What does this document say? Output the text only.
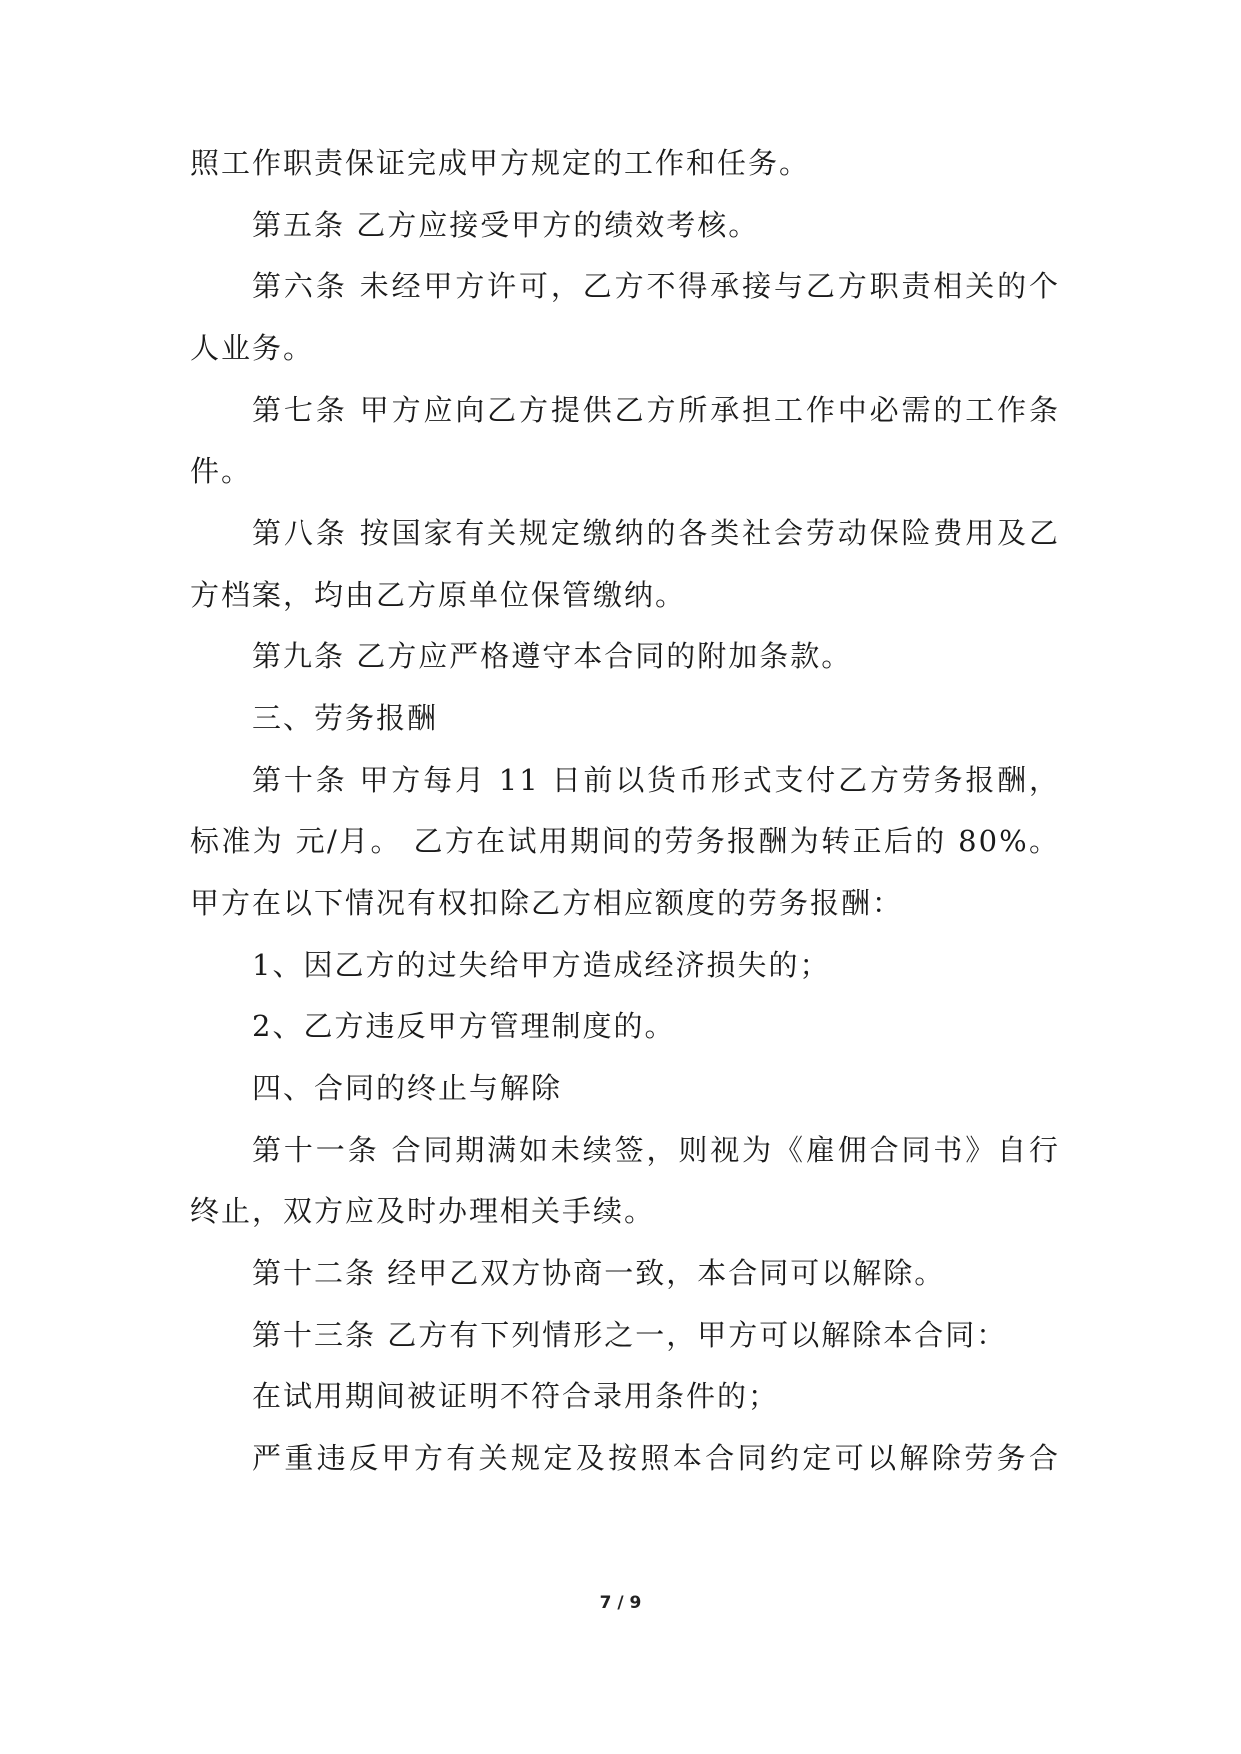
照工作职责保证完成甲方规定的工作和任务。
第五条 乙方应接受甲方的绩效考核。
第六条 未经甲方许可，乙方不得承接与乙方职责相关的个
人业务。
第七条 甲方应向乙方提供乙方所承担工作中必需的工作条
件。
第八条 按国家有关规定缴纳的各类社会劳动保险费用及乙
方档案，均由乙方原单位保管缴纳。
第九条 乙方应严格遵守本合同的附加条款。
三、劳务报酬
第十条 甲方每月 11 日前以货币形式支付乙方劳务报酬，
标准为 元/月。 乙方在试用期间的劳务报酬为转正后的 80%。
甲方在以下情况有权扣除乙方相应额度的劳务报酬：
1、因乙方的过失给甲方造成经济损失的；
2、乙方违反甲方管理制度的。
四、合同的终止与解除
第十一条 合同期满如未续签，则视为《雇佣合同书》自行
终止，双方应及时办理相关手续。
第十二条 经甲乙双方协商一致，本合同可以解除。
第十三条 乙方有下列情形之一，甲方可以解除本合同：
在试用期间被证明不符合录用条件的；
严重违反甲方有关规定及按照本合同约定可以解除劳务合
7 / 9
